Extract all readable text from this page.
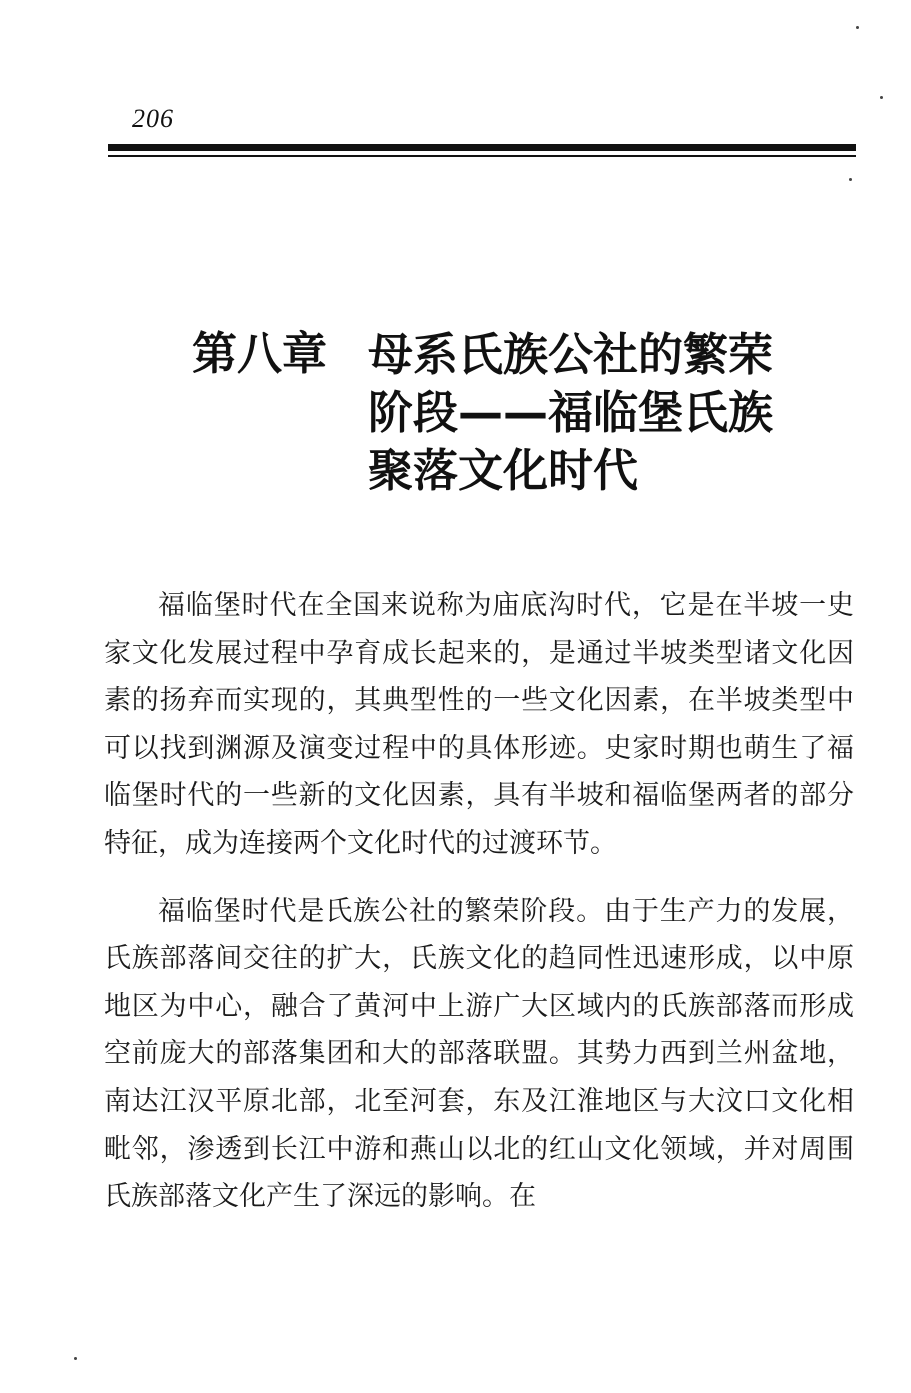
206
第八章 母系氏族公社的繁荣
阶段——福临堡氏族
聚落文化时代

福临堡时代在全国来说称为庙底沟时代，它是在半坡一史家文化发展过程中孕育成长起来的，是通过半坡类型诸文化因素的扬弃而实现的，其典型性的一些文化因素，在半坡类型中可以找到渊源及演变过程中的具体形迹。史家时期也萌生了福临堡时代的一些新的文化因素，具有半坡和福临堡两者的部分特征，成为连接两个文化时代的过渡环节。

福临堡时代是氏族公社的繁荣阶段。由于生产力的发展，氏族部落间交往的扩大，氏族文化的趋同性迅速形成，以中原地区为中心，融合了黄河中上游广大区域内的氏族部落而形成空前庞大的部落集团和大的部落联盟。其势力西到兰州盆地，南达江汉平原北部，北至河套，东及江淮地区与大汶口文化相毗邻，渗透到长江中游和燕山以北的红山文化领域，并对周围氏族部落文化产生了深远的影响。在
